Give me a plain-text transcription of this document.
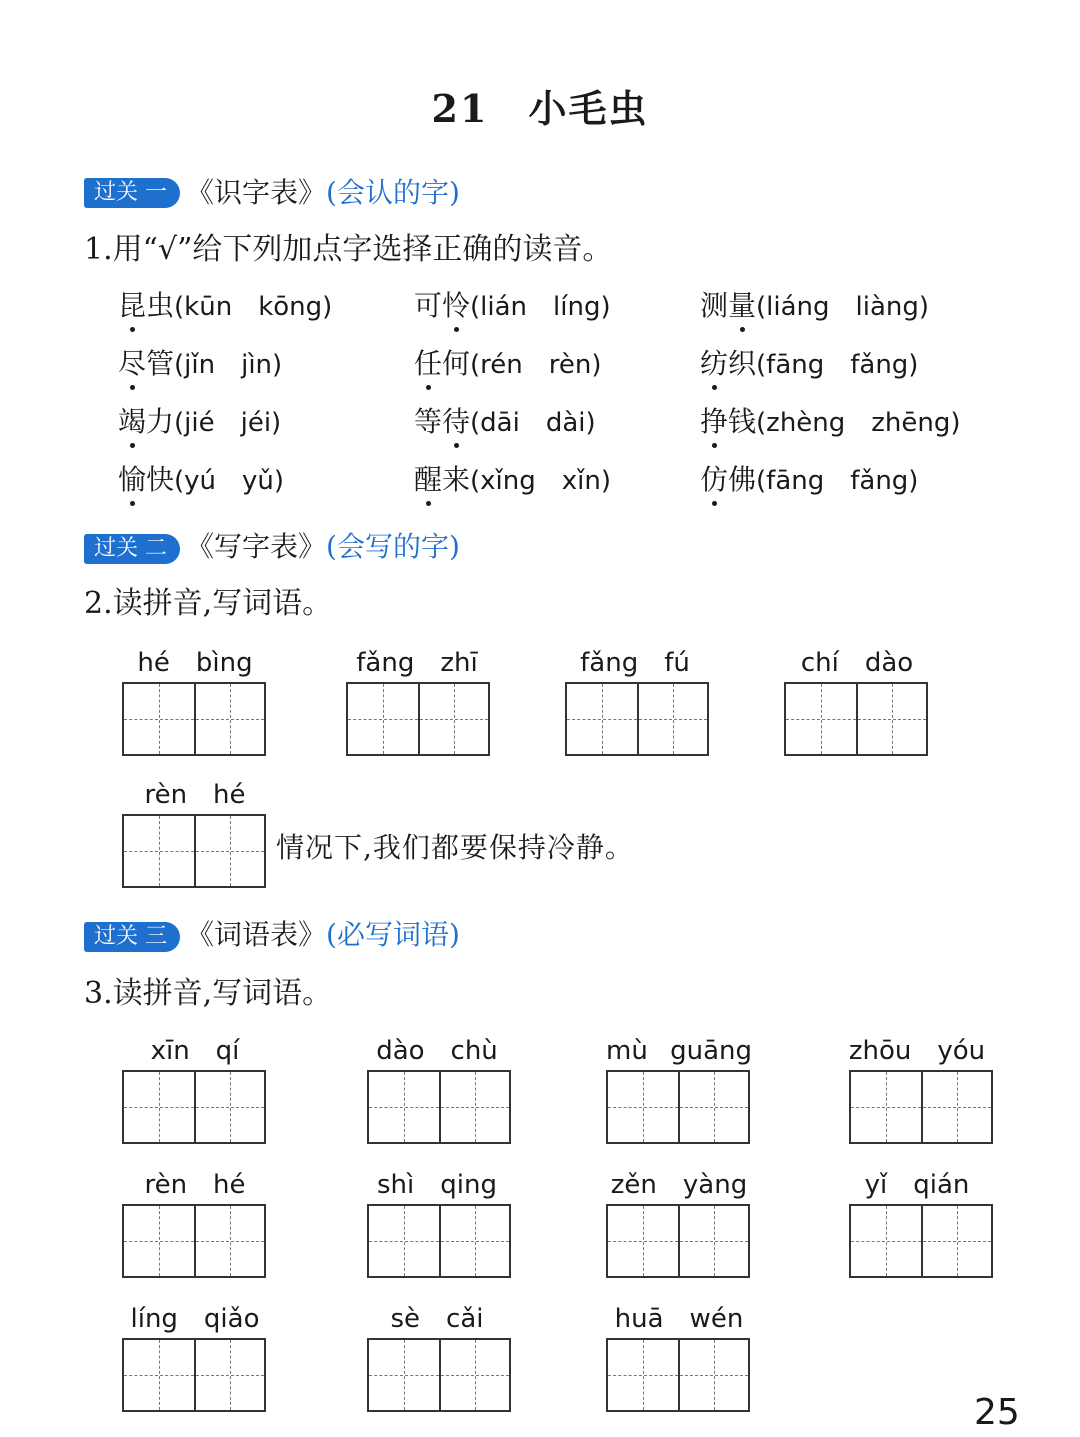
21 小毛虫
过关 一 《识字表》(会认的字)
1.用“√”给下列加点字选择正确的读音。
昆虫(kūn　kōng)	可怜(lián　líng)	测量(liáng　liàng)
尽管(jǐn　jìn)	任何(rén　rèn)	纺织(fāng　fǎng)
竭力(jié　jéi)	等待(dāi　dài)	挣钱(zhèng　zhēng)
愉快(yú　yǔ)	醒来(xǐng　xǐn)	仿佛(fāng　fǎng)
过关 二 《写字表》(会写的字)
2.读拼音,写词语。
hé　bìng	fǎng　zhī	fǎng　fú	chí　dào
rèn　hé
情况下,我们都要保持冷静。
过关 三 《词语表》(必写词语)
3.读拼音,写词语。
xīn　qí	dào　chù	mù guāng	zhōu　yóu
rèn　hé	shì　qing	zěn　yàng	yǐ　qián
líng　qiǎo	sè　cǎi	huā　wén
25
